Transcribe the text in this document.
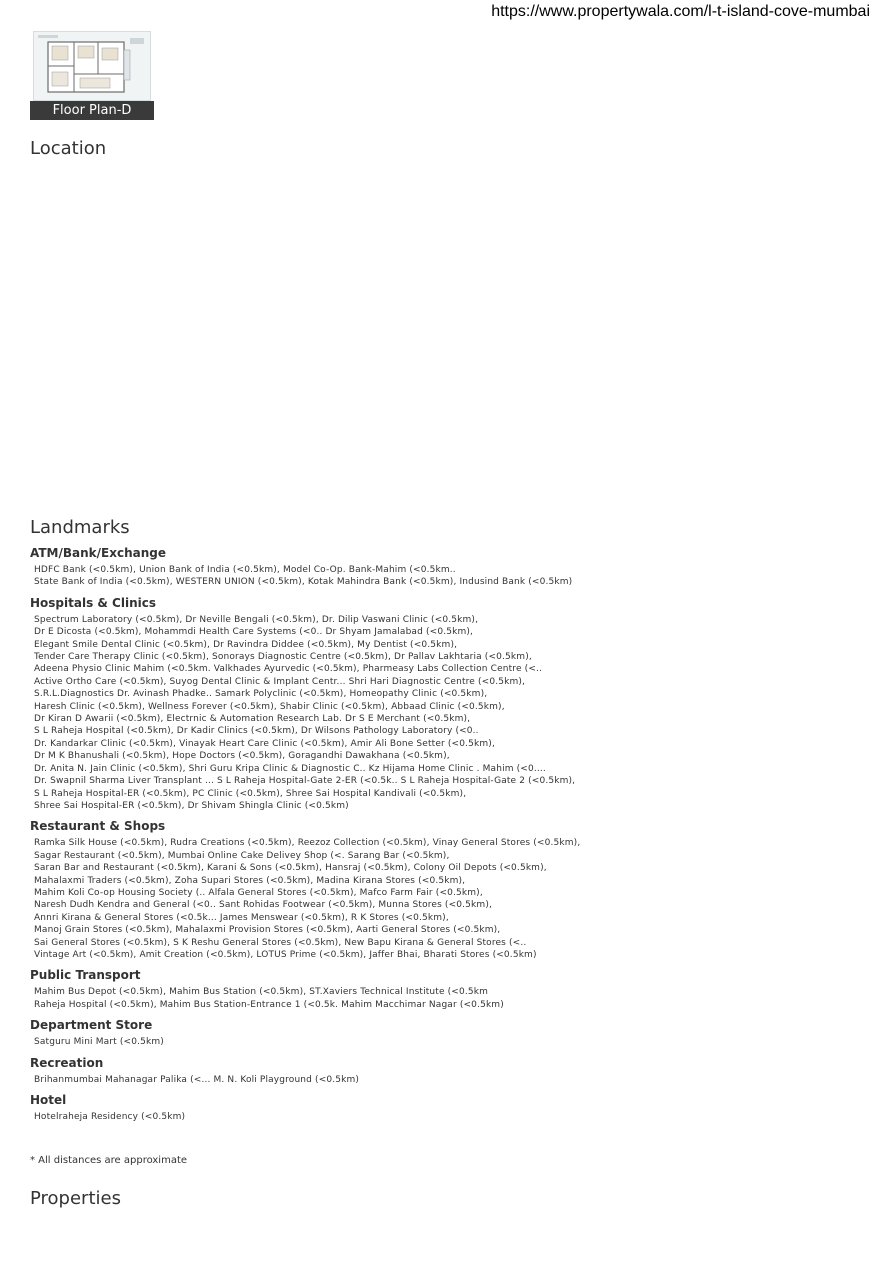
https://www.propertywala.com/l-t-island-cove-mumbai
Floor Plan-D
Location
Landmarks
ATM/Bank/Exchange
HDFC Bank (<0.5km), Union Bank of India (<0.5km), Model Co-Op. Bank-Mahim (<0.5km..
State Bank of India (<0.5km), WESTERN UNION (<0.5km), Kotak Mahindra Bank (<0.5km), Indusind Bank (<0.5km)
Hospitals & Clinics
Spectrum Laboratory (<0.5km), Dr Neville Bengali (<0.5km), Dr. Dilip Vaswani Clinic (<0.5km),
Dr E Dicosta (<0.5km), Mohammdi Health Care Systems (<0.. Dr Shyam Jamalabad (<0.5km),
Elegant Smile Dental Clinic (<0.5km), Dr Ravindra Diddee (<0.5km), My Dentist (<0.5km),
Tender Care Therapy Clinic (<0.5km), Sonorays Diagnostic Centre (<0.5km), Dr Pallav Lakhtaria (<0.5km),
Adeena Physio Clinic Mahim (<0.5km. Valkhades Ayurvedic (<0.5km), Pharmeasy Labs Collection Centre (<..
Active Ortho Care (<0.5km), Suyog Dental Clinic & Implant Centr... Shri Hari Diagnostic Centre (<0.5km),
S.R.L.Diagnostics Dr. Avinash Phadke.. Samark Polyclinic (<0.5km), Homeopathy Clinic (<0.5km),
Haresh Clinic (<0.5km), Wellness Forever (<0.5km), Shabir Clinic (<0.5km), Abbaad Clinic (<0.5km),
Dr Kiran D Awarii (<0.5km), Electrnic & Automation Research Lab. Dr S E Merchant (<0.5km),
S L Raheja Hospital (<0.5km), Dr Kadir Clinics (<0.5km), Dr Wilsons Pathology Laboratory (<0..
Dr. Kandarkar Clinic (<0.5km), Vinayak Heart Care Clinic (<0.5km), Amir Ali Bone Setter (<0.5km),
Dr M K Bhanushali (<0.5km), Hope Doctors (<0.5km), Goragandhi Dawakhana (<0.5km),
Dr. Anita N. Jain Clinic (<0.5km), Shri Guru Kripa Clinic & Diagnostic C.. Kz Hijama Home Clinic . Mahim (<0....
Dr. Swapnil Sharma Liver Transplant ... S L Raheja Hospital-Gate 2-ER (<0.5k.. S L Raheja Hospital-Gate 2 (<0.5km),
S L Raheja Hospital-ER (<0.5km), PC Clinic (<0.5km), Shree Sai Hospital Kandivali (<0.5km),
Shree Sai Hospital-ER (<0.5km), Dr Shivam Shingla Clinic (<0.5km)
Restaurant & Shops
Ramka Silk House (<0.5km), Rudra Creations (<0.5km), Reezoz Collection (<0.5km), Vinay General Stores (<0.5km),
Sagar Restaurant (<0.5km), Mumbai Online Cake Delivey Shop (<. Sarang Bar (<0.5km),
Saran Bar and Restaurant (<0.5km), Karani & Sons (<0.5km), Hansraj (<0.5km), Colony Oil Depots (<0.5km),
Mahalaxmi Traders (<0.5km), Zoha Supari Stores (<0.5km), Madina Kirana Stores (<0.5km),
Mahim Koli Co-op Housing Society (.. Alfala General Stores (<0.5km), Mafco Farm Fair (<0.5km),
Naresh Dudh Kendra and General (<0.. Sant Rohidas Footwear (<0.5km), Munna Stores (<0.5km),
Annri Kirana & General Stores (<0.5k... James Menswear (<0.5km), R K Stores (<0.5km),
Manoj Grain Stores (<0.5km), Mahalaxmi Provision Stores (<0.5km), Aarti General Stores (<0.5km),
Sai General Stores (<0.5km), S K Reshu General Stores (<0.5km), New Bapu Kirana & General Stores (<..
Vintage Art (<0.5km), Amit Creation (<0.5km), LOTUS Prime (<0.5km), Jaffer Bhai, Bharati Stores (<0.5km)
Public Transport
Mahim Bus Depot (<0.5km), Mahim Bus Station (<0.5km), ST.Xaviers Technical Institute (<0.5km
Raheja Hospital (<0.5km), Mahim Bus Station-Entrance 1 (<0.5k. Mahim Macchimar Nagar (<0.5km)
Department Store
Satguru Mini Mart (<0.5km)
Recreation
Brihanmumbai Mahanagar Palika (<... M. N. Koli Playground (<0.5km)
Hotel
Hotelraheja Residency (<0.5km)
* All distances are approximate
Properties
